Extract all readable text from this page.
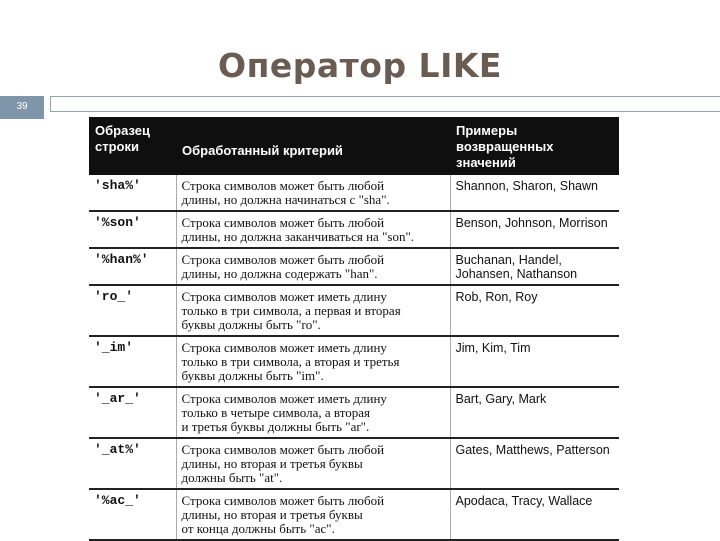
Оператор LIKE
39
Образец
строки	Обработанный критерий	Примеры
возвращенных значений

'sha%'	Строка символов может быть любой
длины, но должна начинаться с "sha".	Shannon, Sharon, Shawn
'%son'	Строка символов может быть любой
длины, но должна заканчиваться на "son".	Benson, Johnson, Morrison
'%han%'	Строка символов может быть любой
длины, но должна содержать "han".	Buchanan, Handel, Johansen, Nathanson
'ro_'	Строка символов может иметь длину
только в три символа, а первая и вторая
буквы должны быть "ro".	Rob, Ron, Roy
'_im'	Строка символов может иметь длину
только в три символа, а вторая и третья
буквы должны быть "im".	Jim, Kim, Tim
'_ar_'	Строка символов может иметь длину
только в четыре символа, а вторая
и третья буквы должны быть "ar".	Bart, Gary, Mark
'_at%'	Строка символов может быть любой
длины, но вторая и третья буквы
должны быть "at".	Gates, Matthews, Patterson
'%ac_'	Строка символов может быть любой
длины, но вторая и третья буквы
от конца должны быть "ac".	Apodaca, Tracy, Wallace
